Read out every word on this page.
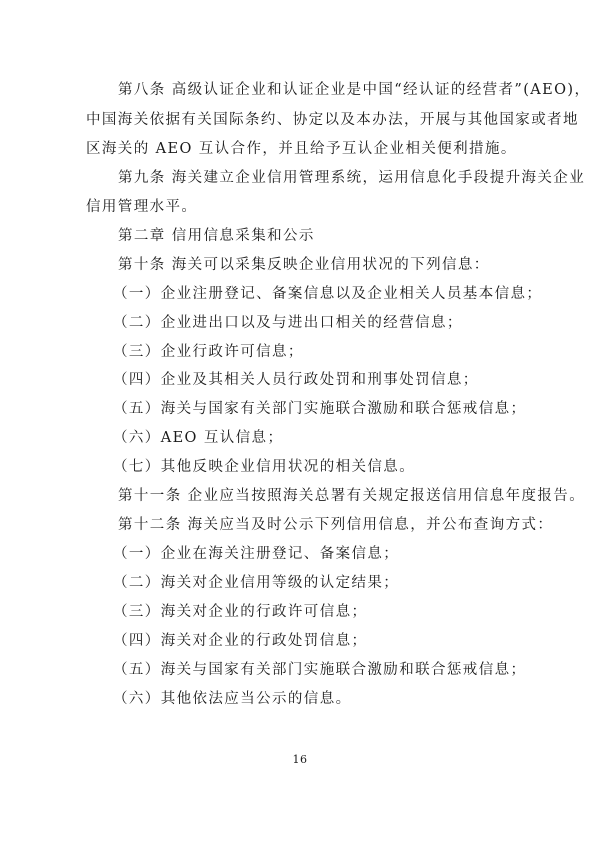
第八条 高级认证企业和认证企业是中国“经认证的经营者”(AEO)，
中国海关依据有关国际条约、协定以及本办法，开展与其他国家或者地
区海关的 AEO 互认合作，并且给予互认企业相关便利措施。
第九条 海关建立企业信用管理系统，运用信息化手段提升海关企业
信用管理水平。
第二章 信用信息采集和公示
第十条 海关可以采集反映企业信用状况的下列信息：
（一）企业注册登记、备案信息以及企业相关人员基本信息；
（二）企业进出口以及与进出口相关的经营信息；
（三）企业行政许可信息；
（四）企业及其相关人员行政处罚和刑事处罚信息；
（五）海关与国家有关部门实施联合激励和联合惩戒信息；
（六）AEO 互认信息；
（七）其他反映企业信用状况的相关信息。
第十一条 企业应当按照海关总署有关规定报送信用信息年度报告。
第十二条 海关应当及时公示下列信用信息，并公布查询方式：
（一）企业在海关注册登记、备案信息；
（二）海关对企业信用等级的认定结果；
（三）海关对企业的行政许可信息；
（四）海关对企业的行政处罚信息；
（五）海关与国家有关部门实施联合激励和联合惩戒信息；
（六）其他依法应当公示的信息。
16
